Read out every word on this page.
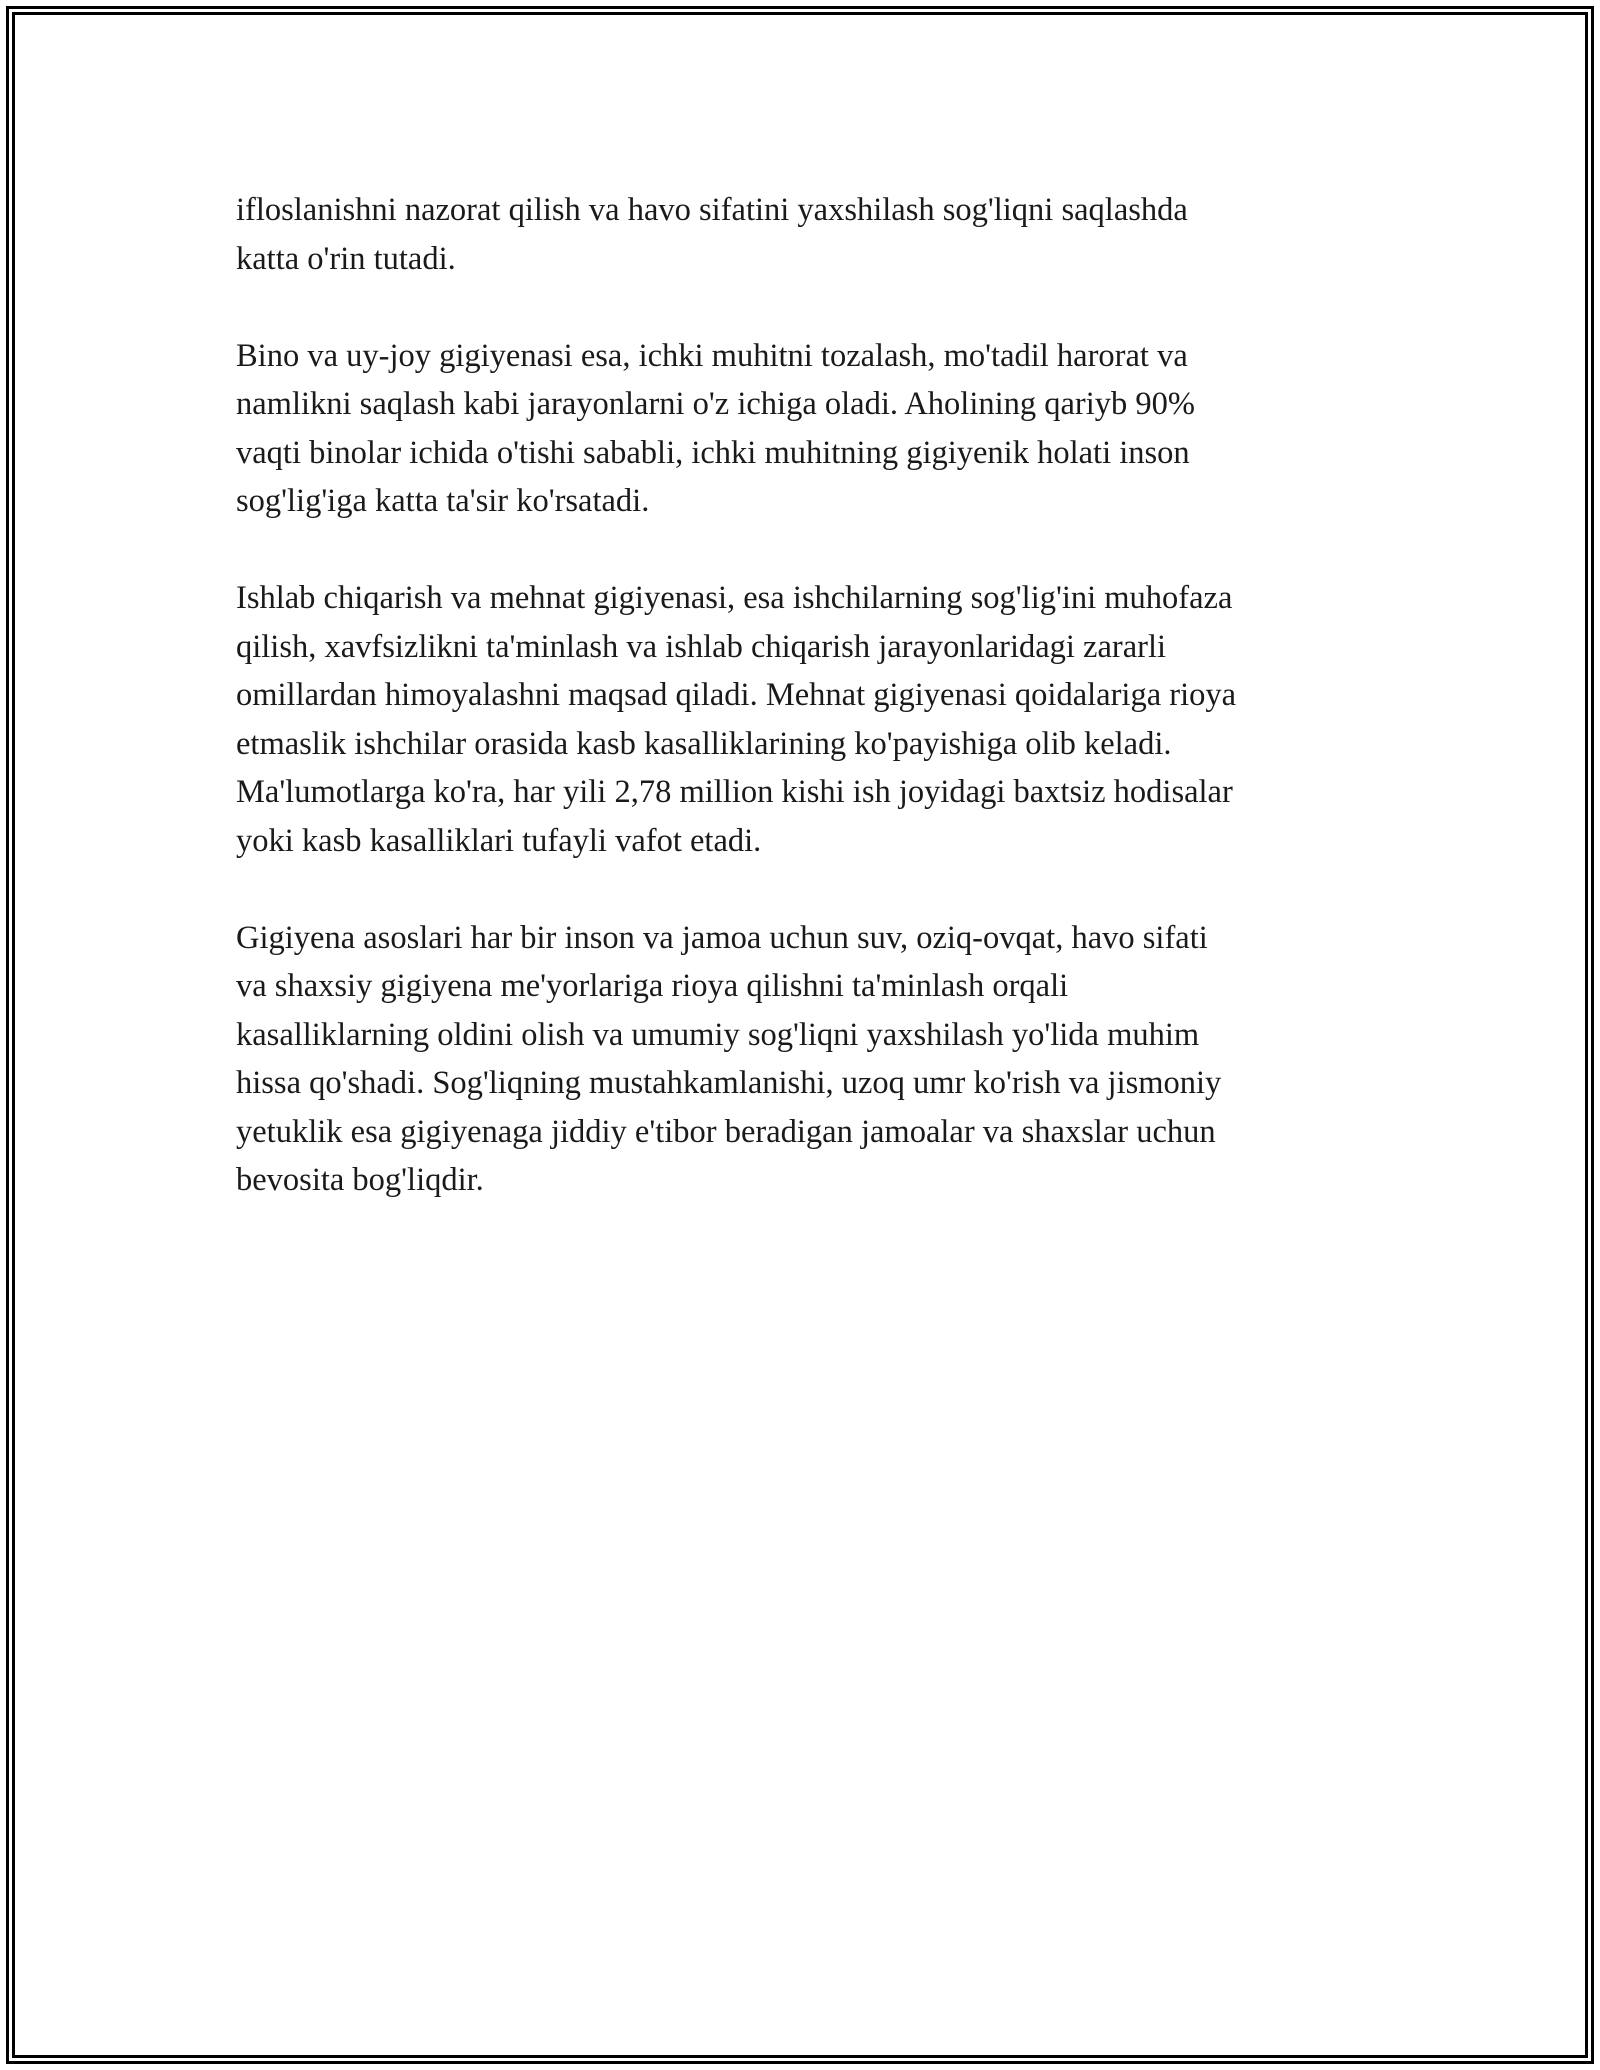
ifloslanishni nazorat qilish va havo sifatini yaxshilash sog'liqni saqlashda
katta o'rin tutadi.

Bino va uy-joy gigiyenasi esa, ichki muhitni tozalash, mo'tadil harorat va
namlikni saqlash kabi jarayonlarni o'z ichiga oladi. Aholining qariyb 90%
vaqti binolar ichida o'tishi sababli, ichki muhitning gigiyenik holati inson
sog'lig'iga katta ta'sir ko'rsatadi.

Ishlab chiqarish va mehnat gigiyenasi, esa ishchilarning sog'lig'ini muhofaza
qilish, xavfsizlikni ta'minlash va ishlab chiqarish jarayonlaridagi zararli
omillardan himoyalashni maqsad qiladi. Mehnat gigiyenasi qoidalariga rioya
etmaslik ishchilar orasida kasb kasalliklarining ko'payishiga olib keladi.
Ma'lumotlarga ko'ra, har yili 2,78 million kishi ish joyidagi baxtsiz hodisalar
yoki kasb kasalliklari tufayli vafot etadi.

Gigiyena asoslari har bir inson va jamoa uchun suv, oziq-ovqat, havo sifati
va shaxsiy gigiyena me'yorlariga rioya qilishni ta'minlash orqali
kasalliklarning oldini olish va umumiy sog'liqni yaxshilash yo'lida muhim
hissa qo'shadi. Sog'liqning mustahkamlanishi, uzoq umr ko'rish va jismoniy
yetuklik esa gigiyenaga jiddiy e'tibor beradigan jamoalar va shaxslar uchun
bevosita bog'liqdir.
